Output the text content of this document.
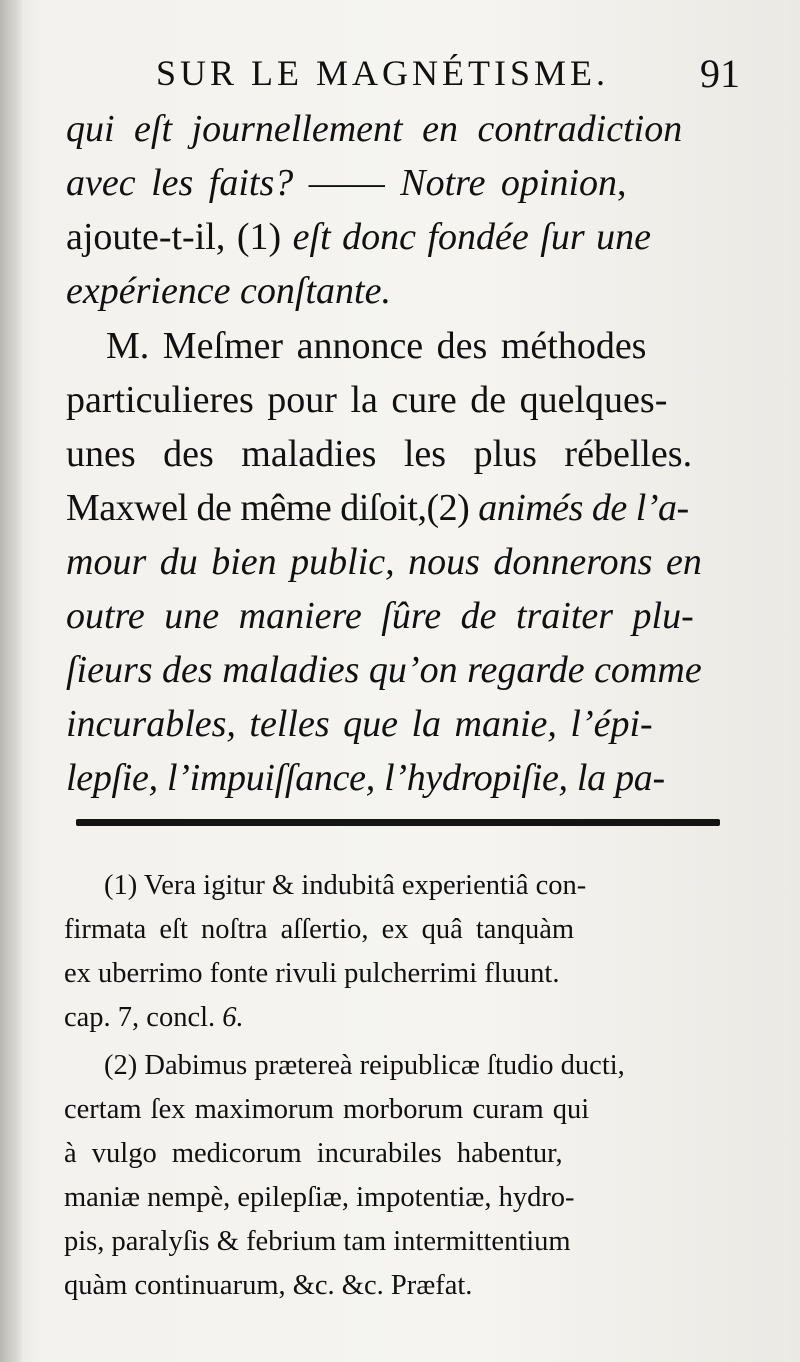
SUR LE MAGNÉTISME. 91
qui eſt journellement en contradiction
avec les faits? —— Notre opinion,
ajoute-t-il, (1) eſt donc fondée ſur une
expérience conſtante.
M. Meſmer annonce des méthodes
particulieres pour la cure de quelques-
unes des maladies les plus rébelles.
Maxwel de même diſoit,(2) animés de l’a-
mour du bien public, nous donnerons en
outre une maniere ſûre de traiter plu-
ſieurs des maladies qu’on regarde comme
incurables, telles que la manie, l’épi-
lepſie, l’impuiſſance, l’hydropiſie, la pa-
(1) Vera igitur & indubitâ experientiâ con-
firmata eſt noſtra aſſertio, ex quâ tanquàm
ex uberrimo fonte rivuli pulcherrimi fluunt.
cap. 7, concl. 6.
(2) Dabimus prætereà reipublicæ ſtudio ducti,
certam ſex maximorum morborum curam qui
à vulgo medicorum incurabiles habentur,
maniæ nempè, epilepſiæ, impotentiæ, hydro-
pis, paralyſis & febrium tam intermittentium
quàm continuarum, &c. &c. Præfat.
